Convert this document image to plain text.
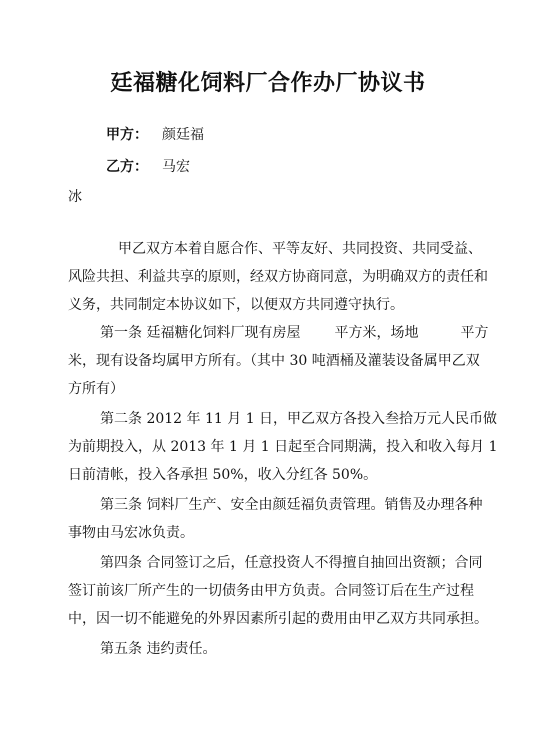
廷福糖化饲料厂合作办厂协议书
甲方： 颜廷福
乙方： 马宏
冰
甲乙双方本着自愿合作、平等友好、共同投资、共同受益、
风险共担、利益共享的原则，经双方协商同意，为明确双方的责任和
义务，共同制定本协议如下，以便双方共同遵守执行。
第一条 廷福糖化饲料厂现有房屋 平方米，场地	平方
米，现有设备均属甲方所有。（其中 30 吨酒桶及灌装设备属甲乙双
方所有）
第二条 2012 年 11 月 1 日，甲乙双方各投入叁拾万元人民币做
为前期投入，从 2013 年 1 月 1 日起至合同期满，投入和收入每月 1
日前清帐，投入各承担 50%，收入分红各 50%。
第三条 饲料厂生产、安全由颜廷福负责管理。销售及办理各种
事物由马宏冰负责。
第四条 合同签订之后，任意投资人不得擅自抽回出资额；合同
签订前该厂所产生的一切债务由甲方负责。合同签订后在生产过程
中，因一切不能避免的外界因素所引起的费用由甲乙双方共同承担。
第五条 违约责任。
